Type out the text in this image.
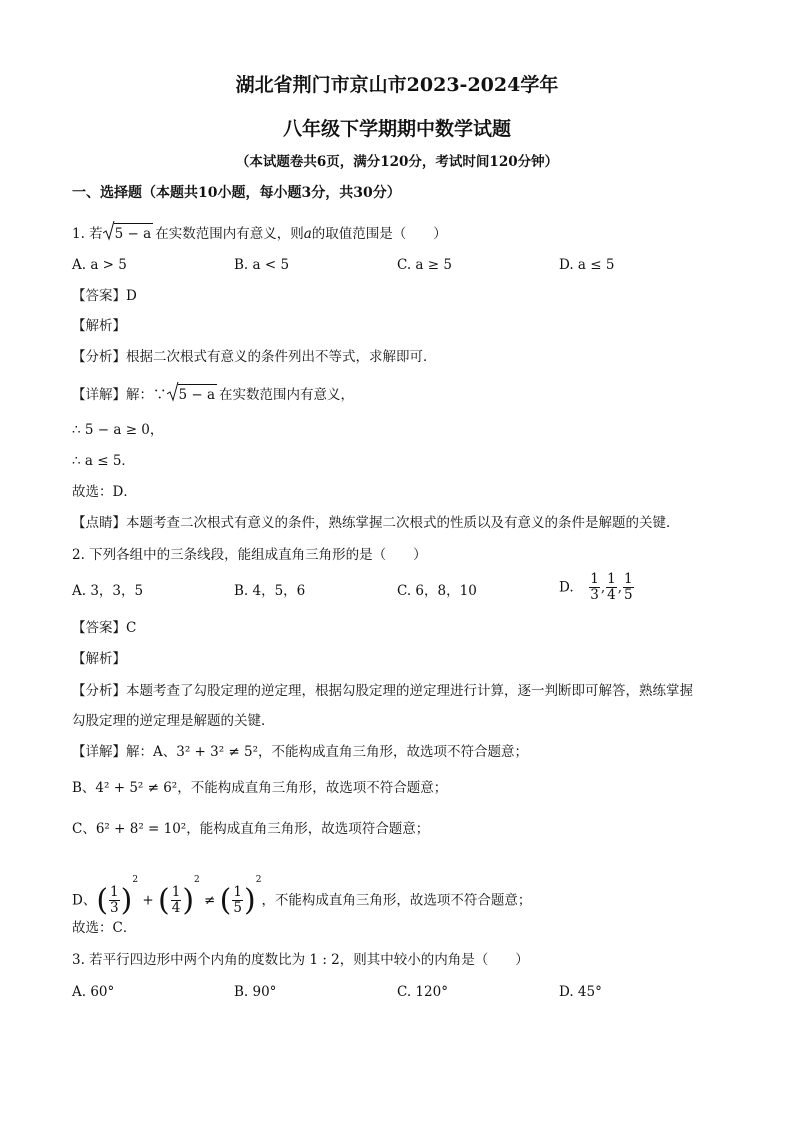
湖北省荆门市京山市2023-2024学年
八年级下学期期中数学试题
（本试题卷共6页，满分120分，考试时间120分钟）
一、选择题（本题共10小题，每小题3分，共30分）
1. 若 5 − a 在实数范围内有意义，则a的取值范围是（　　）
A. a > 5	B. a < 5	C. a ≥ 5	D. a ≤ 5
【答案】D
【解析】
【分析】根据二次根式有意义的条件列出不等式，求解即可．
【详解】解：∵ 5 − a 在实数范围内有意义，
∴ 5 − a ≥ 0，
∴ a ≤ 5．
故选：D．
【点睛】本题考查二次根式有意义的条件，熟练掌握二次根式的性质以及有意义的条件是解题的关键．
2. 下列各组中的三条线段，能组成直角三角形的是（　　）
A. 3，3，5	B. 4，5，6	C. 6，8，10	D. $\frac{1}{3}$ , $\frac{1}{4}$ , $\frac{1}{5}$
【答案】C
【解析】
【分析】本题考查了勾股定理的逆定理，根据勾股定理的逆定理进行计算，逐一判断即可解答，熟练掌握
勾股定理的逆定理是解题的关键．
【详解】解：A、3² + 3² ≠ 5²，不能构成直角三角形，故选项不符合题意；
B、4² + 5² ≠ 6²，不能构成直角三角形，故选项不符合题意；
C、6² + 8² = 10²，能构成直角三角形，故选项符合题意；
D、( $\frac{1}{3} )^2$ + ( $\frac{1}{4} )^2$ ≠ ( $\frac{1}{5} )^2$，不能构成直角三角形，故选项不符合题意；
故选：C．
3. 若平行四边形中两个内角的度数比为 1 : 2，则其中较小的内角是（　　）
A. 60°	B. 90°	C. 120°	D. 45°
